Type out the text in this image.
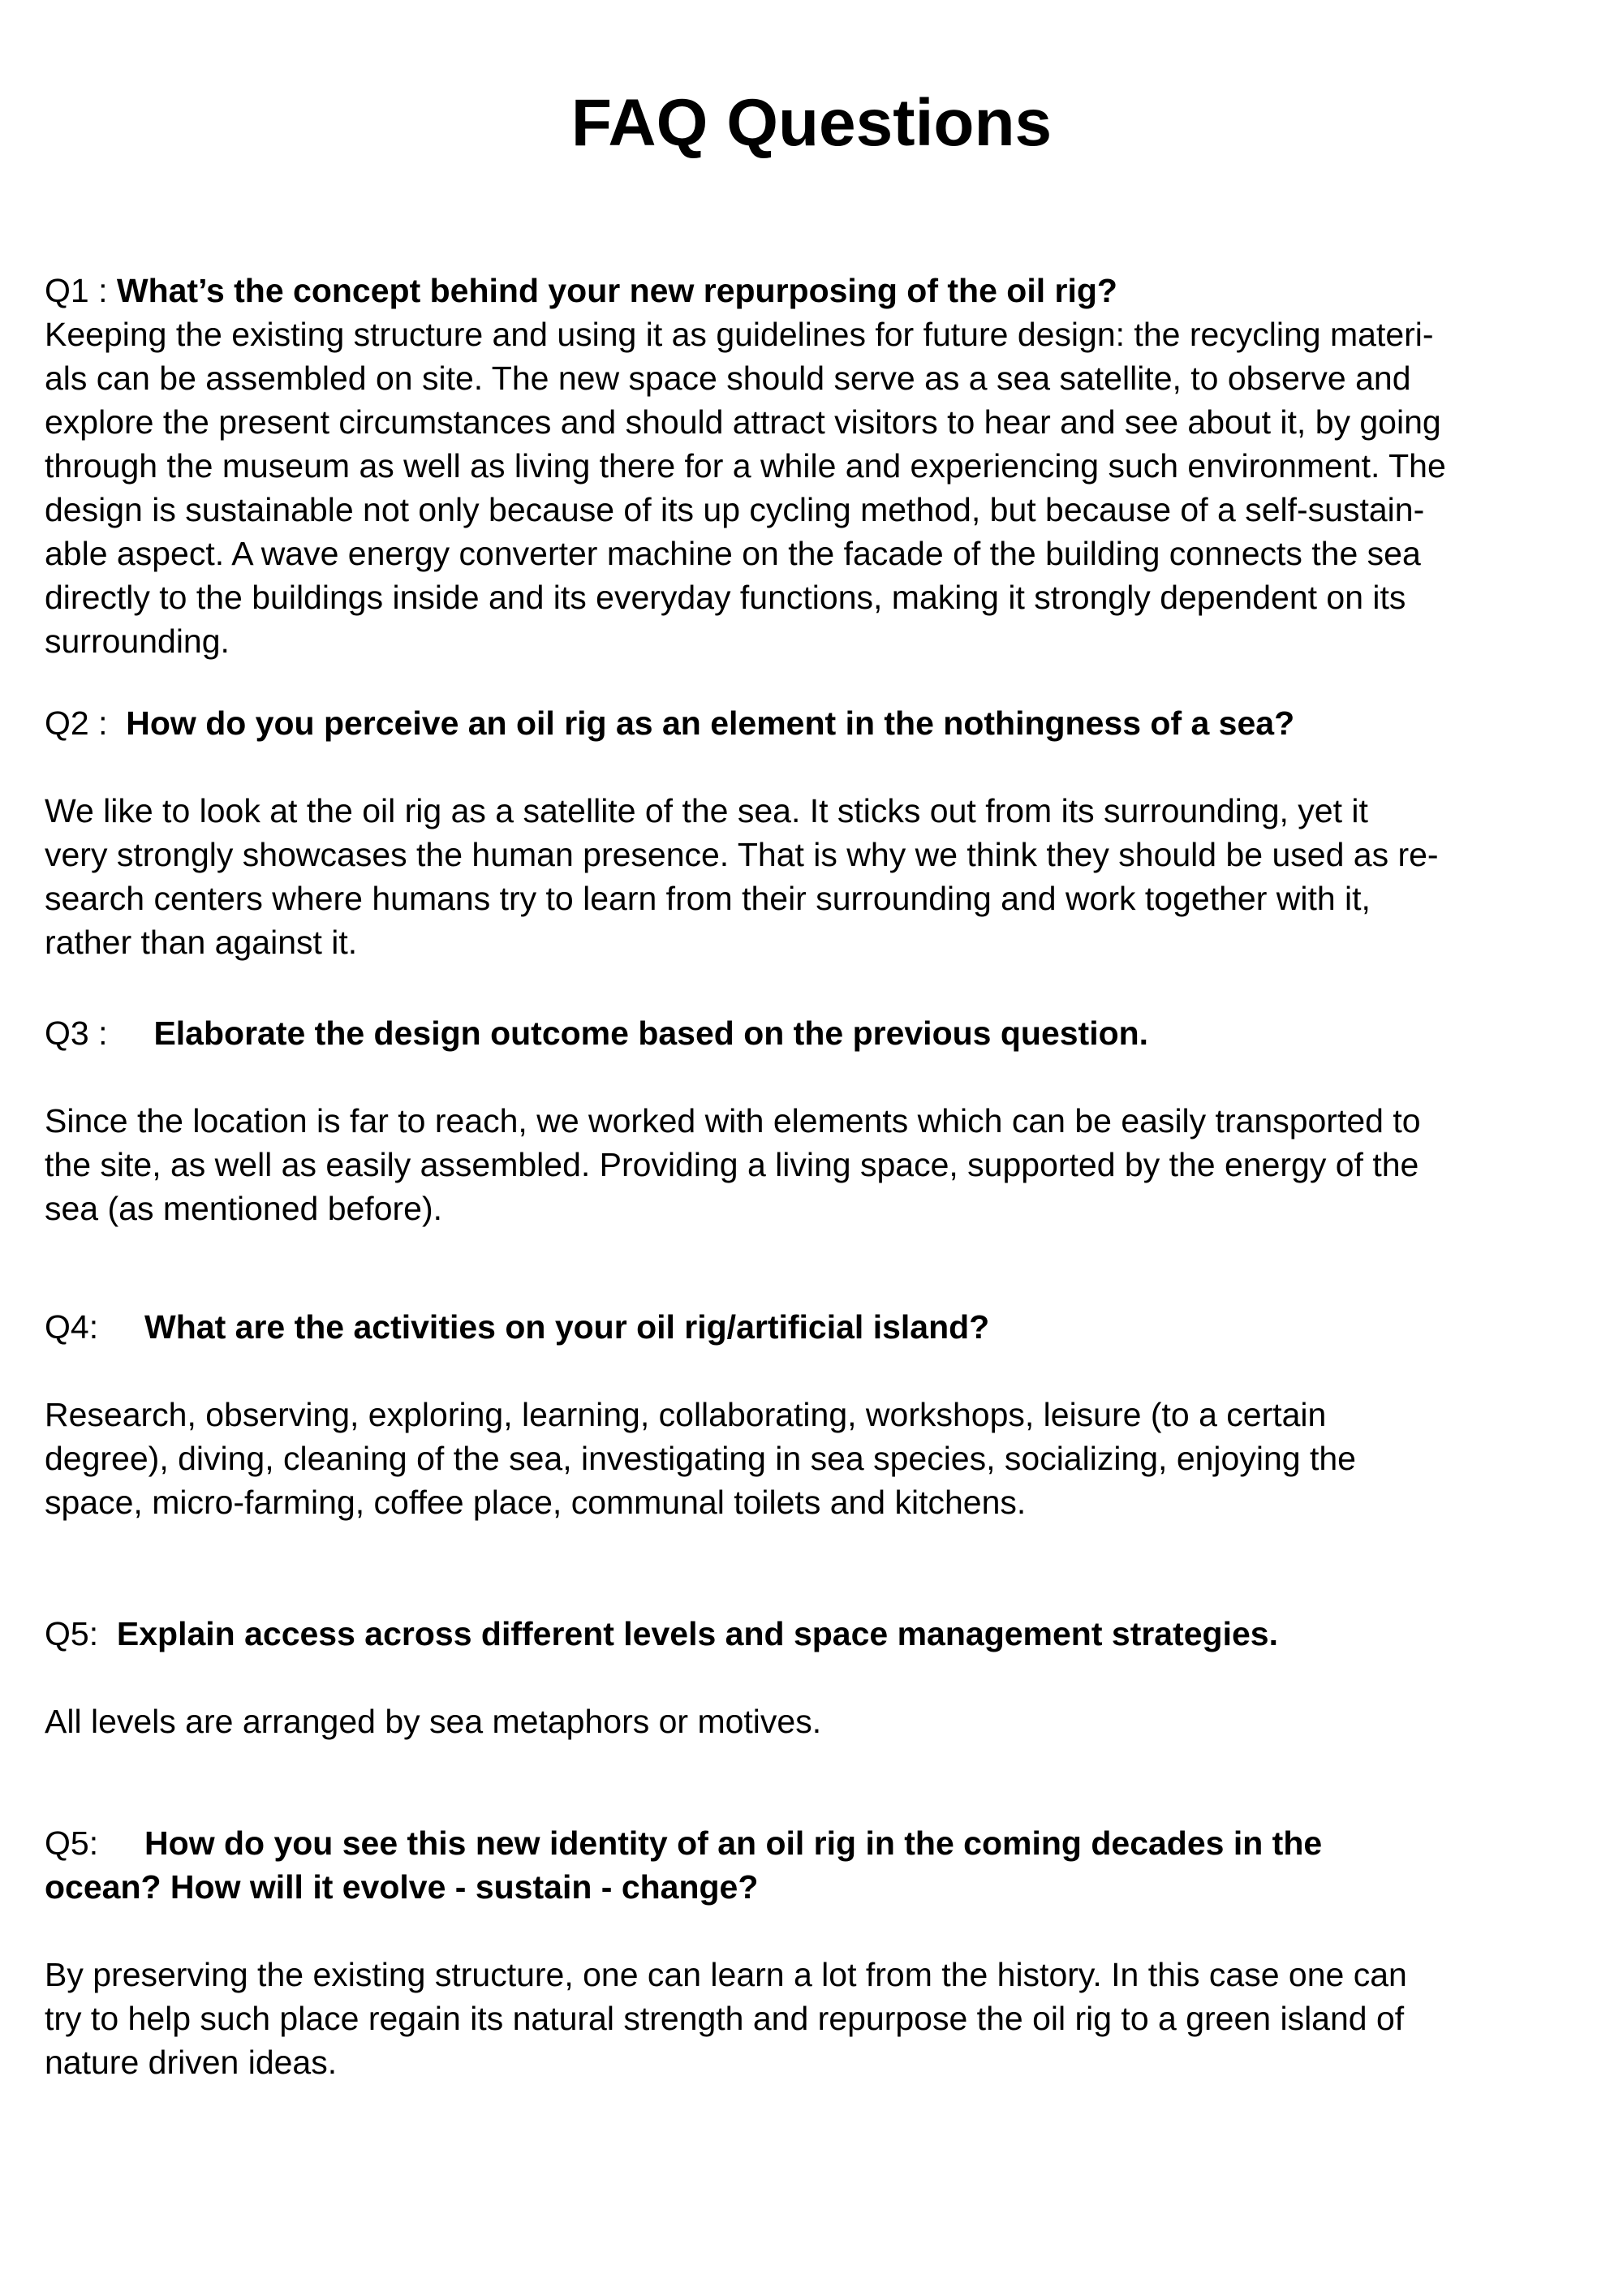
FAQ Questions

Q1 : What’s the concept behind your new repurposing of the oil rig?

Keeping the existing structure and using it as guidelines for future design: the recycling materi-
als can be assembled on site. The new space should serve as a sea satellite, to observe and
explore the present circumstances and should attract visitors to hear and see about it, by going
through the museum as well as living there for a while and experiencing such environment. The
design is sustainable not only because of its up cycling method, but because of a self-sustain-
able aspect. A wave energy converter machine on the facade of the building connects the sea
directly to the buildings inside and its everyday functions, making it strongly dependent on its
surrounding.

Q2 :  How do you perceive an oil rig as an element in the nothingness of a sea?

We like to look at the oil rig as a satellite of the sea. It sticks out from its surrounding, yet it
very strongly showcases the human presence. That is why we think they should be used as re-
search centers where humans try to learn from their surrounding and work together with it,
rather than against it.

Q3 :     Elaborate the design outcome based on the previous question.

Since the location is far to reach, we worked with elements which can be easily transported to
the site, as well as easily assembled. Providing a living space, supported by the energy of the
sea (as mentioned before).

Q4:     What are the activities on your oil rig/artificial island?

Research, observing, exploring, learning, collaborating, workshops, leisure (to a certain
degree), diving, cleaning of the sea, investigating in sea species, socializing, enjoying the
space, micro-farming, coffee place, communal toilets and kitchens.

Q5:  Explain access across different levels and space management strategies.

All levels are arranged by sea metaphors or motives.

Q5:     How do you see this new identity of an oil rig in the coming decades in the
ocean? How will it evolve - sustain - change?

By preserving the existing structure, one can learn a lot from the history. In this case one can
try to help such place regain its natural strength and repurpose the oil rig to a green island of
nature driven ideas.
